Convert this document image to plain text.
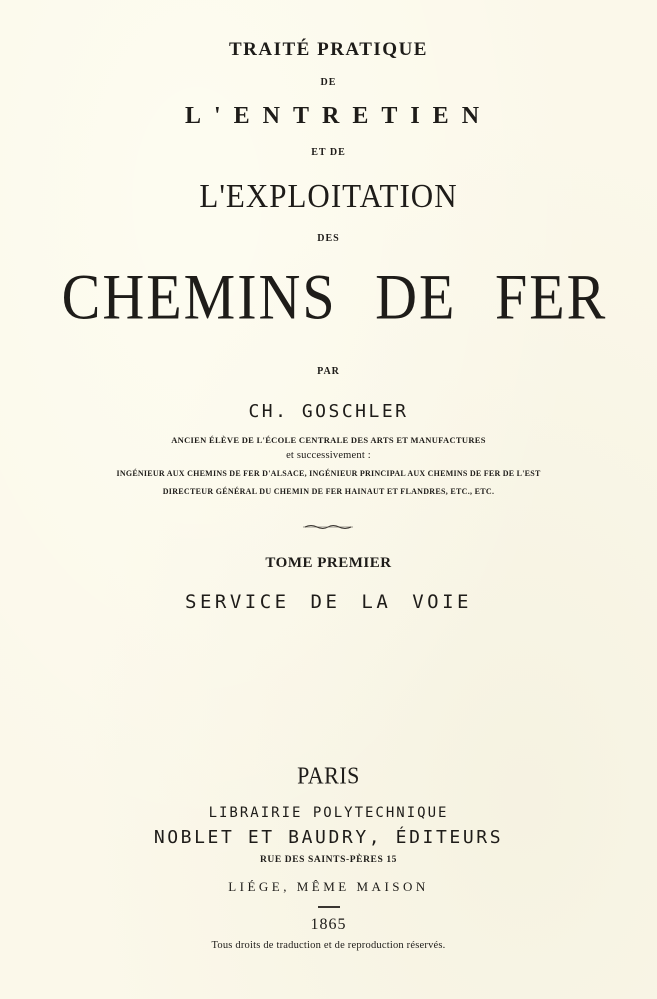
TRAITÉ PRATIQUE
DE
L'ENTRETIEN
ET DE
L'EXPLOITATION
DES
CHEMINS DE FER
PAR
CH. GOSCHLER
ANCIEN ÉLÈVE DE L'ÉCOLE CENTRALE DES ARTS ET MANUFACTURES
et successivement :
INGÉNIEUR AUX CHEMINS DE FER D'ALSACE, INGÉNIEUR PRINCIPAL AUX CHEMINS DE FER DE L'EST
DIRECTEUR GÉNÉRAL DU CHEMIN DE FER HAINAUT ET FLANDRES, ETC., ETC.
TOME PREMIER
SERVICE DE LA VOIE
PARIS
LIBRAIRIE POLYTECHNIQUE
NOBLET ET BAUDRY, ÉDITEURS
RUE DES SAINTS-PÈRES 15
LIÉGE, MÊME MAISON
1865
Tous droits de traduction et de reproduction réservés.
